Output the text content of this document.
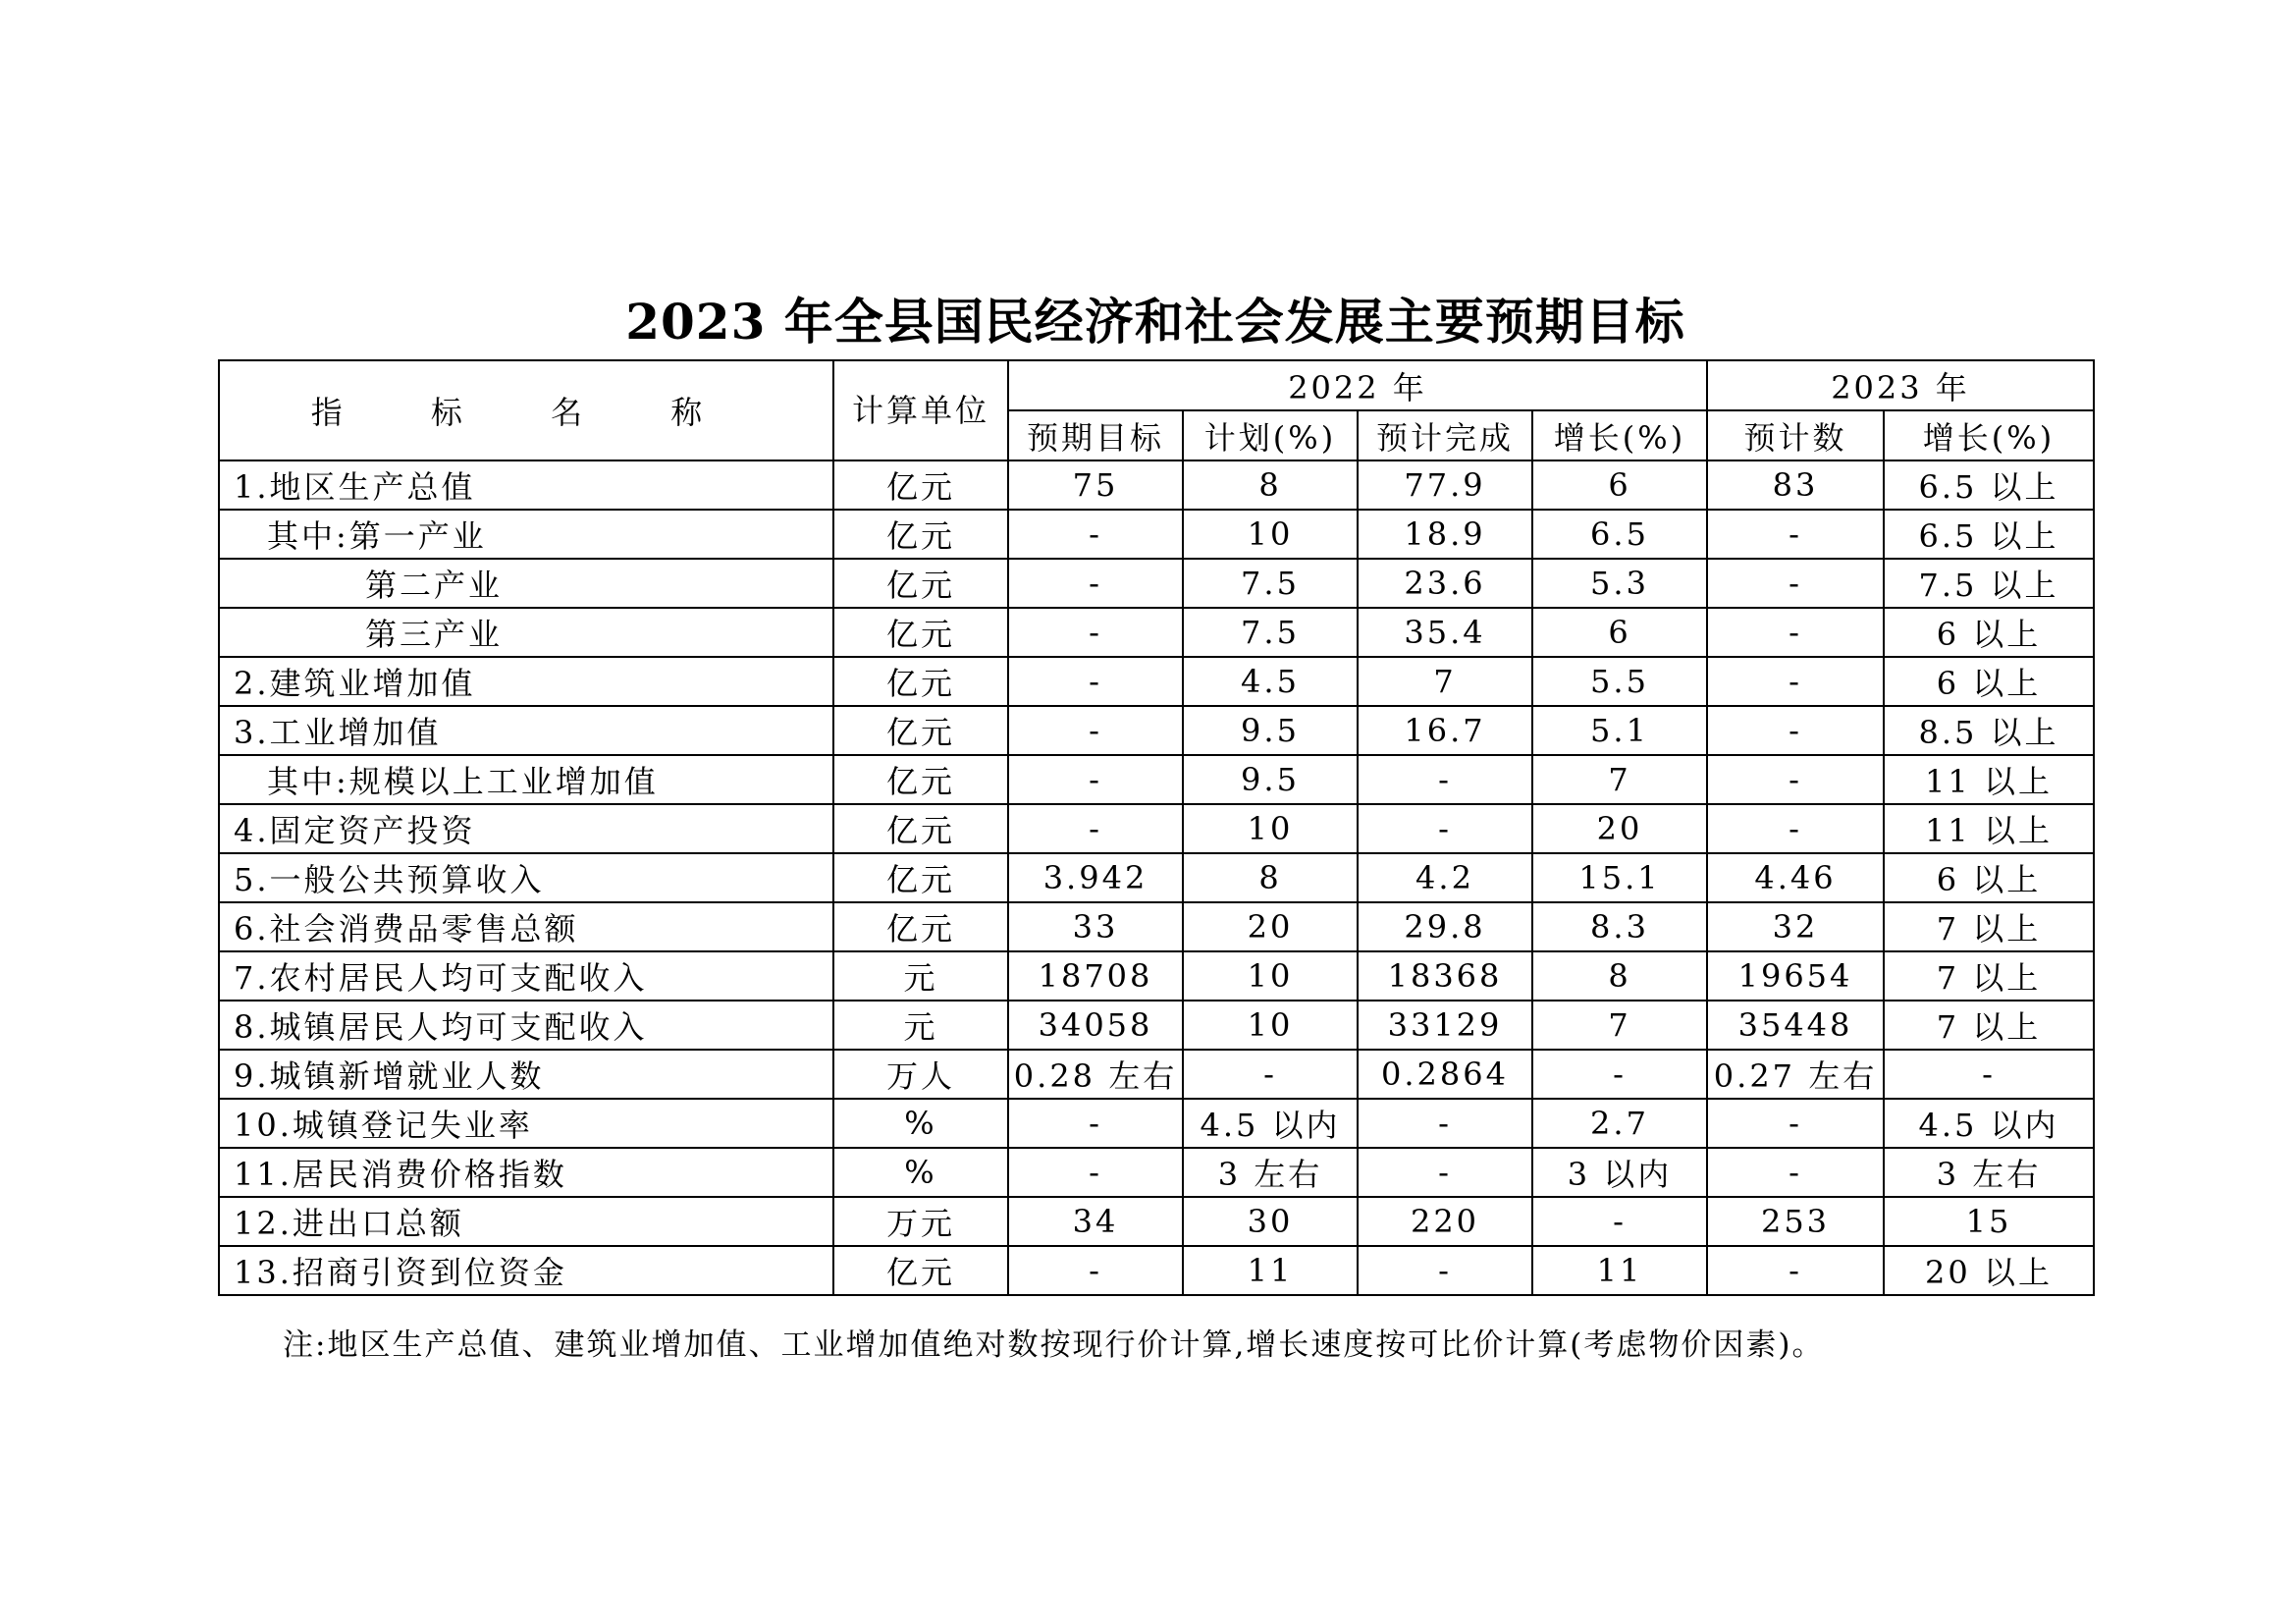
2023 年全县国民经济和社会发展主要预期目标
指 标 名 称	计算单位	2022 年				2023 年	
		预期目标	计划(%)	预计完成	增长(%)	预计数	增长(%)
1.地区生产总值	亿元	75	8	77.9	6	83	6.5 以上
其中:第一产业	亿元	-	10	18.9	6.5	-	6.5 以上
第二产业	亿元	-	7.5	23.6	5.3	-	7.5 以上
第三产业	亿元	-	7.5	35.4	6	-	6 以上
2.建筑业增加值	亿元	-	4.5	7	5.5	-	6 以上
3.工业增加值	亿元	-	9.5	16.7	5.1	-	8.5 以上
其中:规模以上工业增加值	亿元	-	9.5	-	7	-	11 以上
4.固定资产投资	亿元	-	10	-	20	-	11 以上
5.一般公共预算收入	亿元	3.942	8	4.2	15.1	4.46	6 以上
6.社会消费品零售总额	亿元	33	20	29.8	8.3	32	7 以上
7.农村居民人均可支配收入	元	18708	10	18368	8	19654	7 以上
8.城镇居民人均可支配收入	元	34058	10	33129	7	35448	7 以上
9.城镇新增就业人数	万人	0.28 左右	-	0.2864	-	0.27 左右	-
10.城镇登记失业率	%	-	4.5 以内	-	2.7	-	4.5 以内
11.居民消费价格指数	%	-	3 左右	-	3 以内	-	3 左右
12.进出口总额	万元	34	30	220	-	253	15
13.招商引资到位资金	亿元	-	11	-	11	-	20 以上
注:地区生产总值、建筑业增加值、工业增加值绝对数按现行价计算,增长速度按可比价计算(考虑物价因素)。
